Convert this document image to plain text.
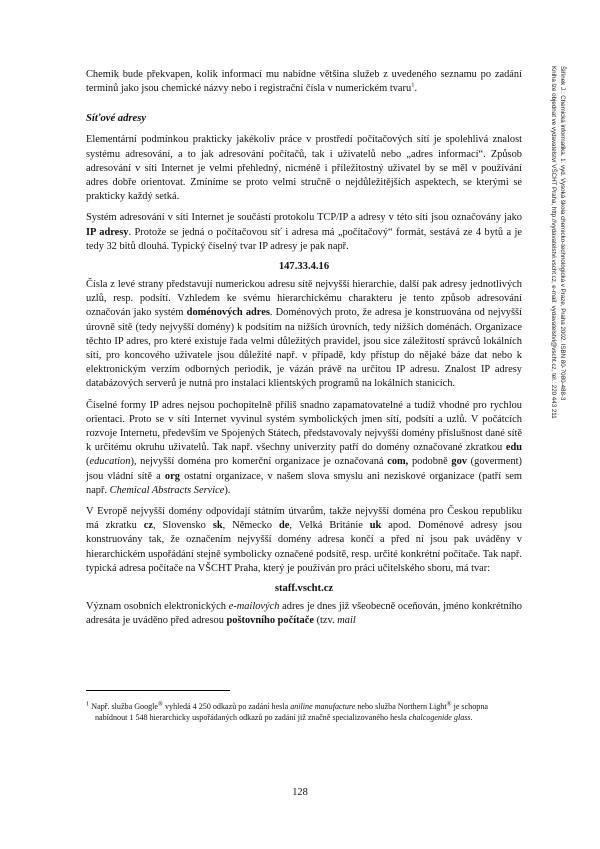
Šiřínek J.: Chemická informatika. 1. vyd. Vysoká škola chemicko-technologická v Praze, Praha 2002. ISBN 80-7080-488-3
Kniha lze objednat ve vydavatelství VŠCHT Praha, http://vydavatelstvi.vscht.cz, e-mail: vydavatelstvi@vscht.cz, tel.: 220 443 211

Chemik bude překvapen, kolik informací mu nabídne většina služeb z uvedeného seznamu po zadání termínů jako jsou chemické názvy nebo i registrační čísla v numerickém tvaru$^1$.

Síťové adresy

Elementární podmínkou prakticky jakékoliv práce v prostředí počítačových sítí je spolehlivá znalost systému adresování, a to jak adresování počítačů, tak i uživatelů nebo „adres informací“. Způsob adresování v síti Internet je velmi přehledný, nicméně i příležitostný uživatel by se měl v používání adres dobře orientovat. Zmíníme se proto velmi stručně o nejdůležitějších aspektech, se kterými se prakticky každý setká.

Systém adresování v síti Internet je součástí protokolu TCP/IP a adresy v této síti jsou označovány jako IP adresy. Protože se jedná o počítačovou síť i adresa má „počítačový“ formát, sestává ze 4 bytů a je tedy 32 bitů dlouhá. Typický číselný tvar IP adresy je pak např.

147.33.4.16

Čísla z levé strany představují numerickou adresu sítě nejvyšší hierarchie, další pak adresy jednotlivých uzlů, resp. podsítí. Vzhledem ke svému hierarchickému charakteru je tento způsob adresování označován jako systém doménových adres. Doménových proto, že adresa je konstruována od nejvyšší úrovně sítě (tedy nejvyšší domény) k podsítím na nižších úrovních, tedy nižších doménách. Organizace těchto IP adres, pro které existuje řada velmi důležitých pravidel, jsou sice záležitostí správců lokálních sítí, pro koncového uživatele jsou důležité např. v případě, kdy přístup do nějaké báze dat nebo k elektronickým verzím odborných periodik, je vázán právě na určitou IP adresu. Znalost IP adresy databázových serverů je nutná pro instalaci klientských programů na lokálních stanicích.

Číselné formy IP adres nejsou pochopitelně příliš snadno zapamatovatelné a tudíž vhodné pro rychlou orientaci. Proto se v síti Internet vyvinul systém symbolických jmen sítí, podsítí a uzlů. V počátcích rozvoje Internetu, především ve Spojených Státech, představovaly nejvyšší domény příslušnost dané sítě k určitému okruhu uživatelů. Tak např. všechny univerzity patří do domény označované zkratkou edu (education), nejvyšší doména pro komerční organizace je označovaná com, podobně gov (goverment) jsou vládní sítě a org ostatní organizace, v našem slova smyslu ani neziskové organizace (patří sem např. Chemical Abstracts Service).

V Evropě nejvyšší domény odpovídají státním útvarům, takže nejvyšší doména pro Českou republiku má zkratku cz, Slovensko sk, Německo de, Velká Británie uk apod. Doménové adresy jsou konstruovány tak, že označením nejvyšší domény adresa končí a před ní jsou pak uváděny v hierarchickém uspořádání stejně symbolicky označené podsítě, resp. určité konkrétní počítače. Tak např. typická adresa počítače na VŠCHT Praha, který je používán pro práci učitelského sboru, má tvar:

staff.vscht.cz

Význam osobních elektronických e-mailových adres je dnes již všeobecně oceňován, jméno konkrétního adresáta je uváděno před adresou poštovního počítače (tzv. mail

$^1$ Např. služba Google® vyhledá 4 250 odkazů po zadání hesla aniline manufacture nebo služba Northern Light® je schopna nabídnout 1 548 hierarchicky uspořádaných odkazů po zadání již značně specializovaného hesla chalcogenide glass.
128
